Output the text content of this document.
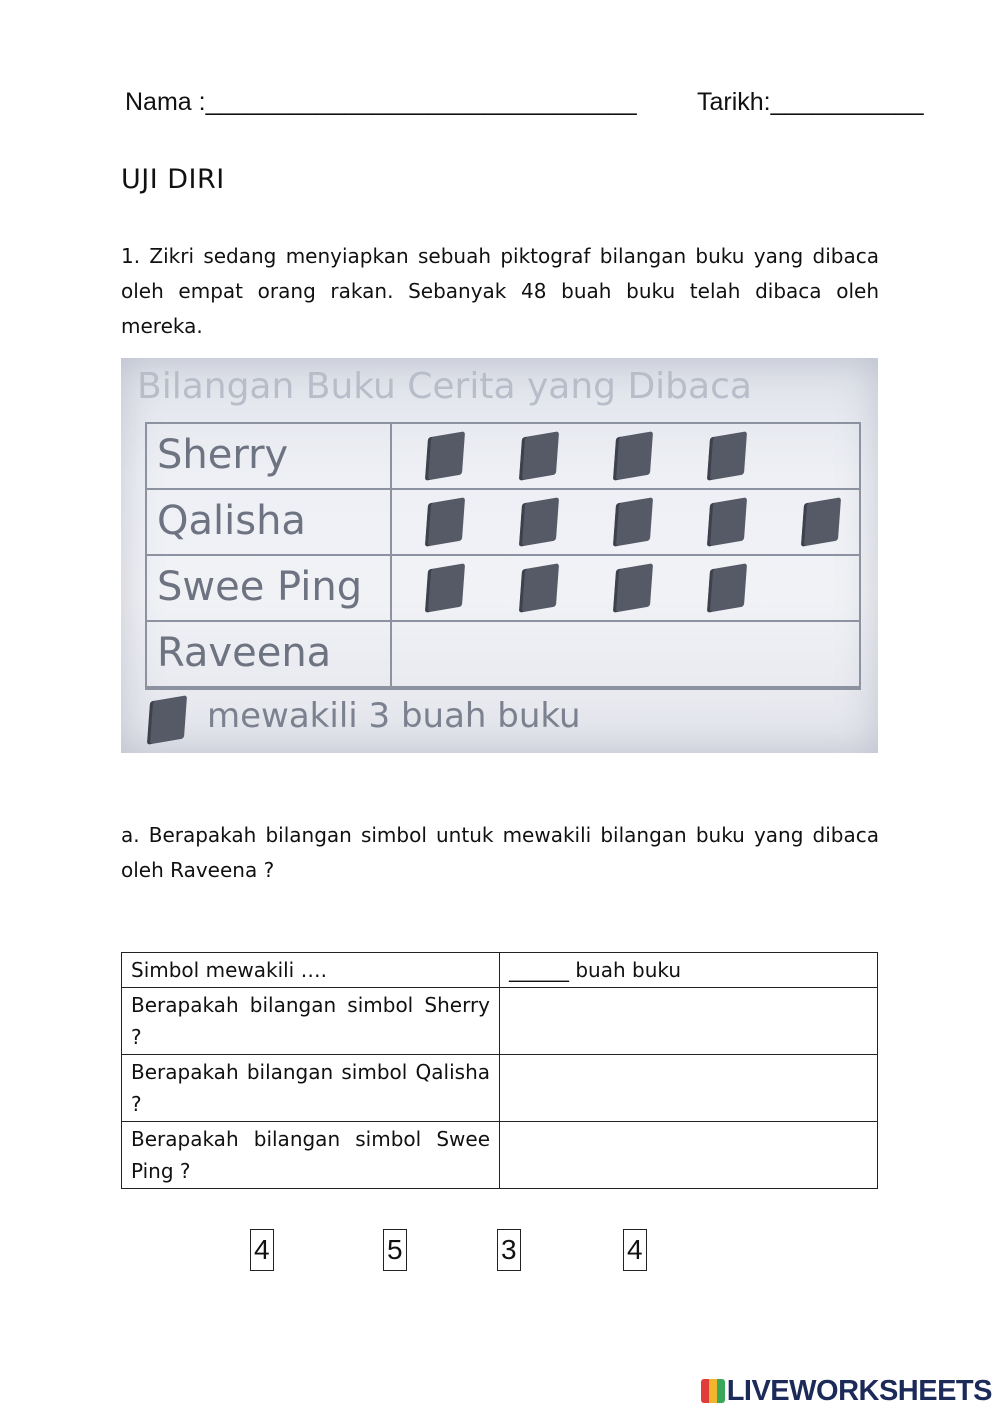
Nama :_______________________________ Tarikh:___________
UJI DIRI
1. Zikri sedang menyiapkan sebuah piktograf bilangan buku yang dibaca oleh empat orang rakan. Sebanyak 48 buah buku telah dibaca oleh mereka.
Bilangan Buku Cerita yang Dibaca
Sherry
Qalisha
Swee Ping
Raveena
mewakili 3 buah buku
a. Berapakah bilangan simbol untuk mewakili bilangan buku yang dibaca oleh Raveena ?
Simbol mewakili ….	______ buah buku
Berapakah bilangan simbol Sherry ?	
Berapakah bilangan simbol Qalisha ?	
Berapakah bilangan simbol Swee Ping ?	
4	5	3	4
LIVEWORKSHEETS
